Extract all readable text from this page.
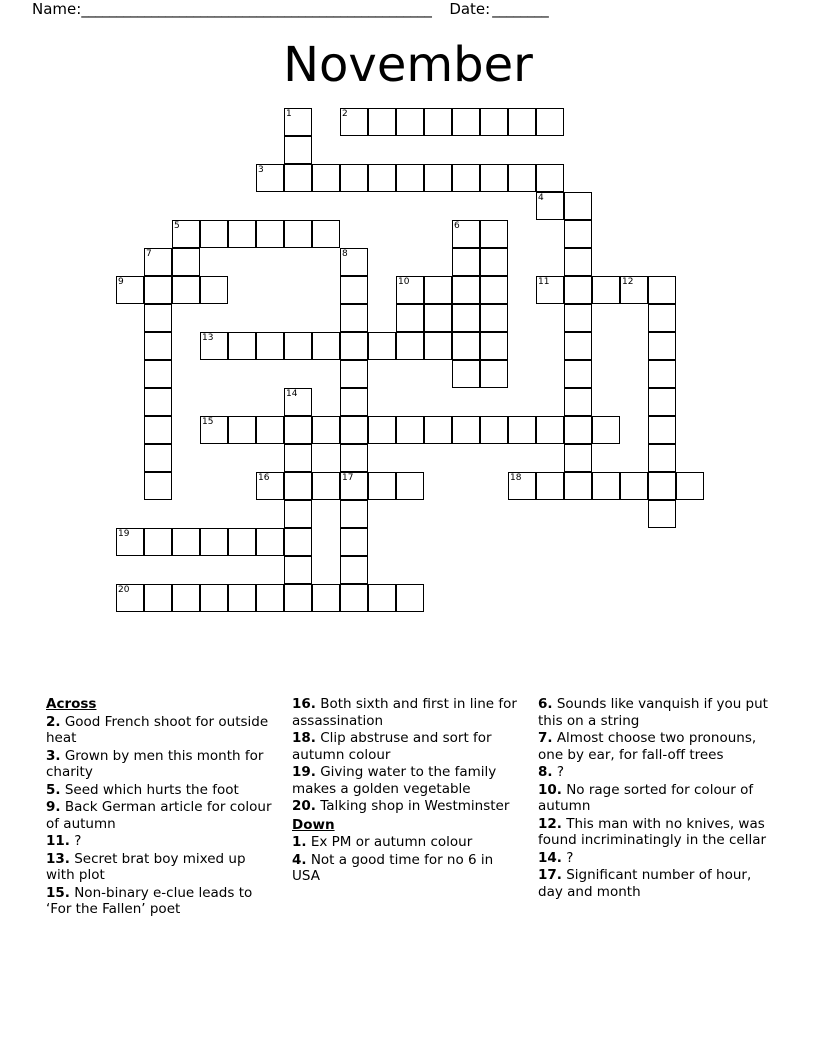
Name: __________________________________________________ Date: ________
November
1	2
3
4
5	6
7	8
9	10	11	12
13
14
15
16	17	18
19
20
Across
2. Good French shoot for outside heat
3. Grown by men this month for charity
5. Seed which hurts the foot
9. Back German article for colour of autumn
11. ?
13. Secret brat boy mixed up with plot
15. Non-binary e-clue leads to ‘For the Fallen’ poet
16. Both sixth and first in line for assassination
18. Clip abstruse and sort for autumn colour
19. Giving water to the family makes a golden vegetable
20. Talking shop in Westminster
Down
1. Ex PM or autumn colour
4. Not a good time for no 6 in USA
6. Sounds like vanquish if you put this on a string
7. Almost choose two pronouns, one by ear, for fall-off trees
8. ?
10. No rage sorted for colour of autumn
12. This man with no knives, was found incriminatingly in the cellar
14. ?
17. Significant number of hour, day and month
